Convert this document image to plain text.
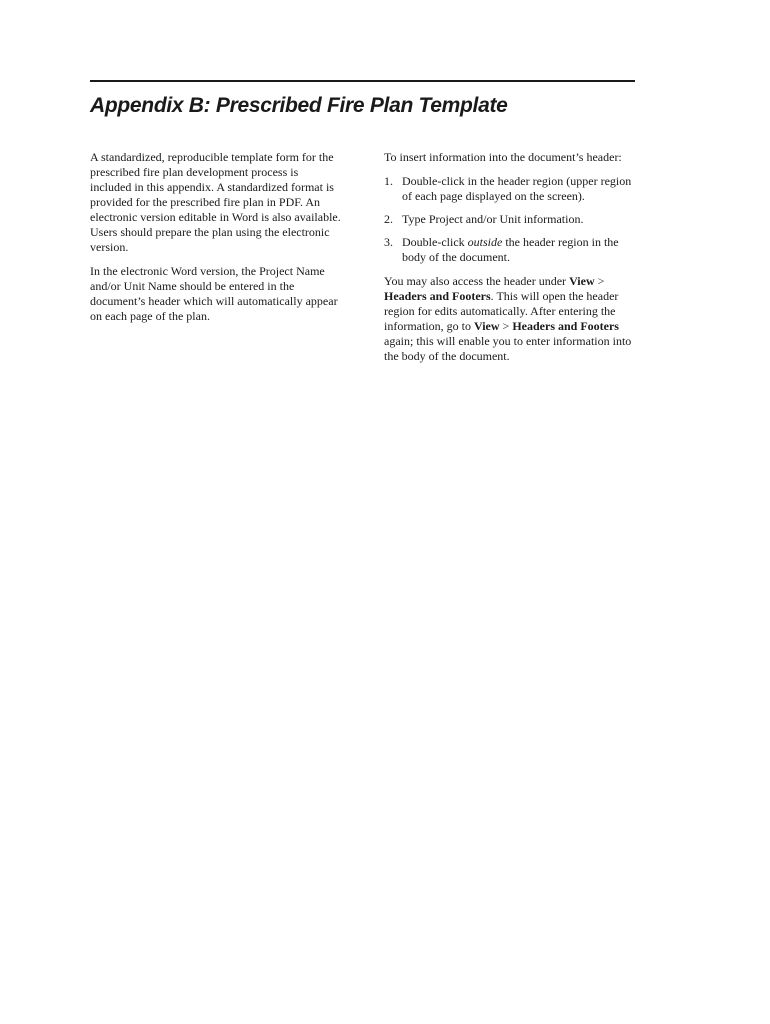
Appendix B: Prescribed Fire Plan Template

A standardized, reproducible template form for the prescribed fire plan development process is included in this appendix. A standardized format is provided for the prescribed fire plan in PDF. An electronic version editable in Word is also available. Users should prepare the plan using the electronic version.

In the electronic Word version, the Project Name and/or Unit Name should be entered in the document’s header which will automatically appear on each page of the plan.

To insert information into the document’s header:

1. Double-click in the header region (upper region of each page displayed on the screen).
2. Type Project and/or Unit information.
3. Double-click outside the header region in the body of the document.

You may also access the header under View > Headers and Footers. This will open the header region for edits automatically. After entering the information, go to View > Headers and Footers again; this will enable you to enter information into the body of the document.
